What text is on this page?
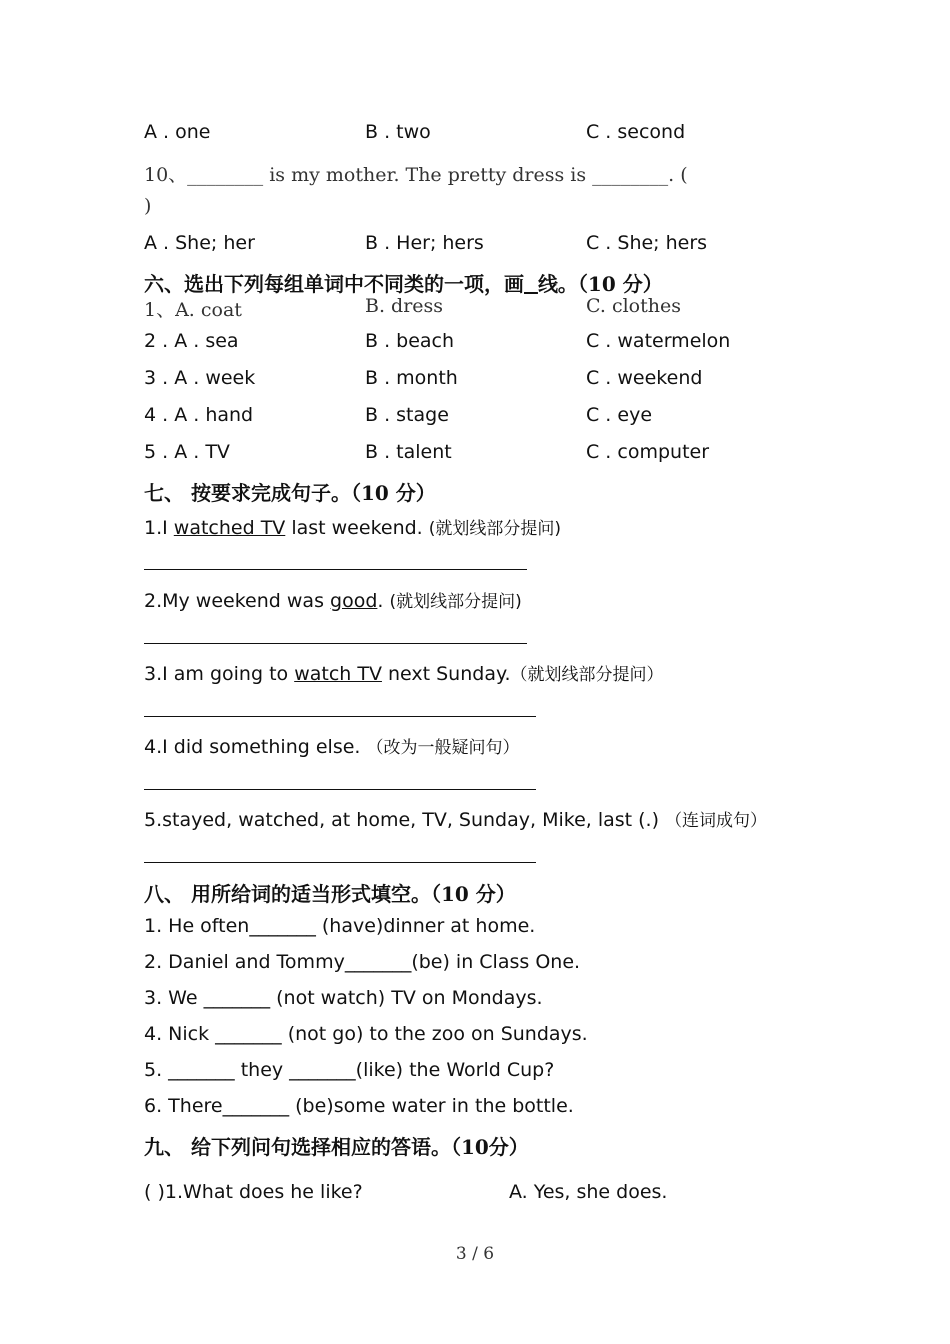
A . one	B . two	C . second
10、________ is my mother. The pretty dress is ________. (
)
A . She; her	B . Her; hers	C . She; hers
六、选出下列每组单词中不同类的一项，画 线。（10 分）
1、A. coat	B. dress	C. clothes
2 . A . sea	B . beach	C . watermelon
3 . A . week	B . month	C . weekend
4 . A . hand	B . stage	C . eye
5 . A . TV	B . talent	C . computer
七、 按要求完成句子。（10 分）
1.I watched TV last weekend. (就划线部分提问)
2.My weekend was good. (就划线部分提问)
3.I am going to watch TV next Sunday.（就划线部分提问）
4.I did something else. （改为一般疑问句）
5.stayed, watched, at home, TV, Sunday, Mike, last (.) （连词成句）
八、 用所给词的适当形式填空。（10 分）
1. He often_______ (have)dinner at home.
2. Daniel and Tommy_______(be) in Class One.
3. We _______ (not watch) TV on Mondays.
4. Nick _______ (not go) to the zoo on Sundays.
5. _______ they _______(like) the World Cup?
6. There_______ (be)some water in the bottle.
九、 给下列问句选择相应的答语。（10分）
( )1.What does he like?	A. Yes, she does.
3 / 6
